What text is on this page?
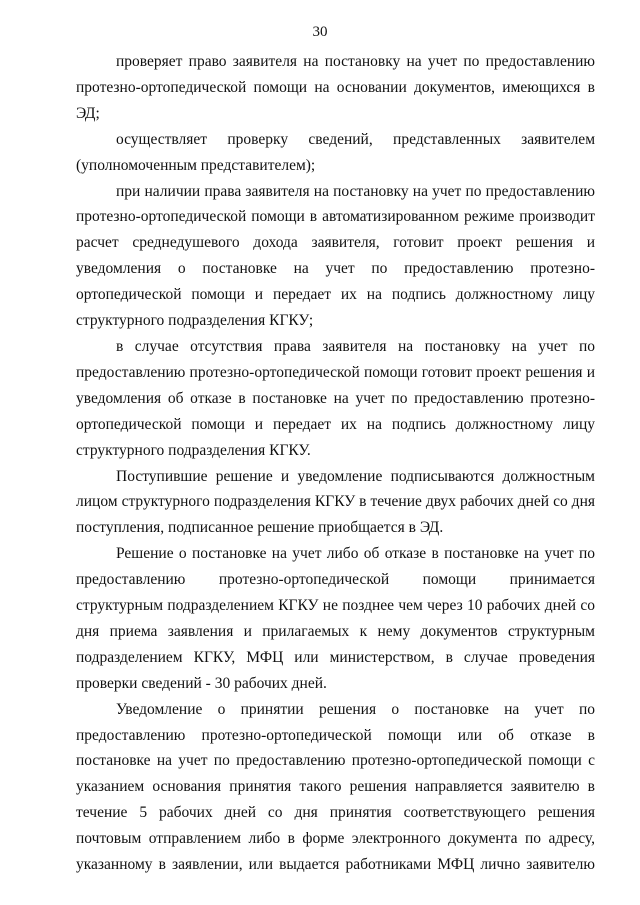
30

проверяет право заявителя на постановку на учет по предоставлению протезно-ортопедической помощи на основании документов, имеющихся в ЭД;

осуществляет проверку сведений, представленных заявителем (уполномоченным представителем);

при наличии права заявителя на постановку на учет по предоставлению протезно-ортопедической помощи в автоматизированном режиме производит расчет среднедушевого дохода заявителя, готовит проект решения и уведомления о постановке на учет по предоставлению протезно-ортопедической помощи и передает их на подпись должностному лицу структурного подразделения КГКУ;

в случае отсутствия права заявителя на постановку на учет по предоставлению протезно-ортопедической помощи готовит проект решения и уведомления об отказе в постановке на учет по предоставлению протезно-ортопедической помощи и передает их на подпись должностному лицу структурного подразделения КГКУ.

Поступившие решение и уведомление подписываются должностным лицом структурного подразделения КГКУ в течение двух рабочих дней со дня поступления, подписанное решение приобщается в ЭД.

Решение о постановке на учет либо об отказе в постановке на учет по предоставлению протезно-ортопедической помощи принимается структурным подразделением КГКУ не позднее чем через 10 рабочих дней со дня приема заявления и прилагаемых к нему документов структурным подразделением КГКУ, МФЦ или министерством, в случае проведения проверки сведений - 30 рабочих дней.

Уведомление о принятии решения о постановке на учет по предоставлению протезно-ортопедической помощи или об отказе в постановке на учет по предоставлению протезно-ортопедической помощи с указанием основания принятия такого решения направляется заявителю в течение 5 рабочих дней со дня принятия соответствующего решения почтовым отправлением либо в форме электронного документа по адресу, указанному в заявлении, или выдается работниками МФЦ лично заявителю
